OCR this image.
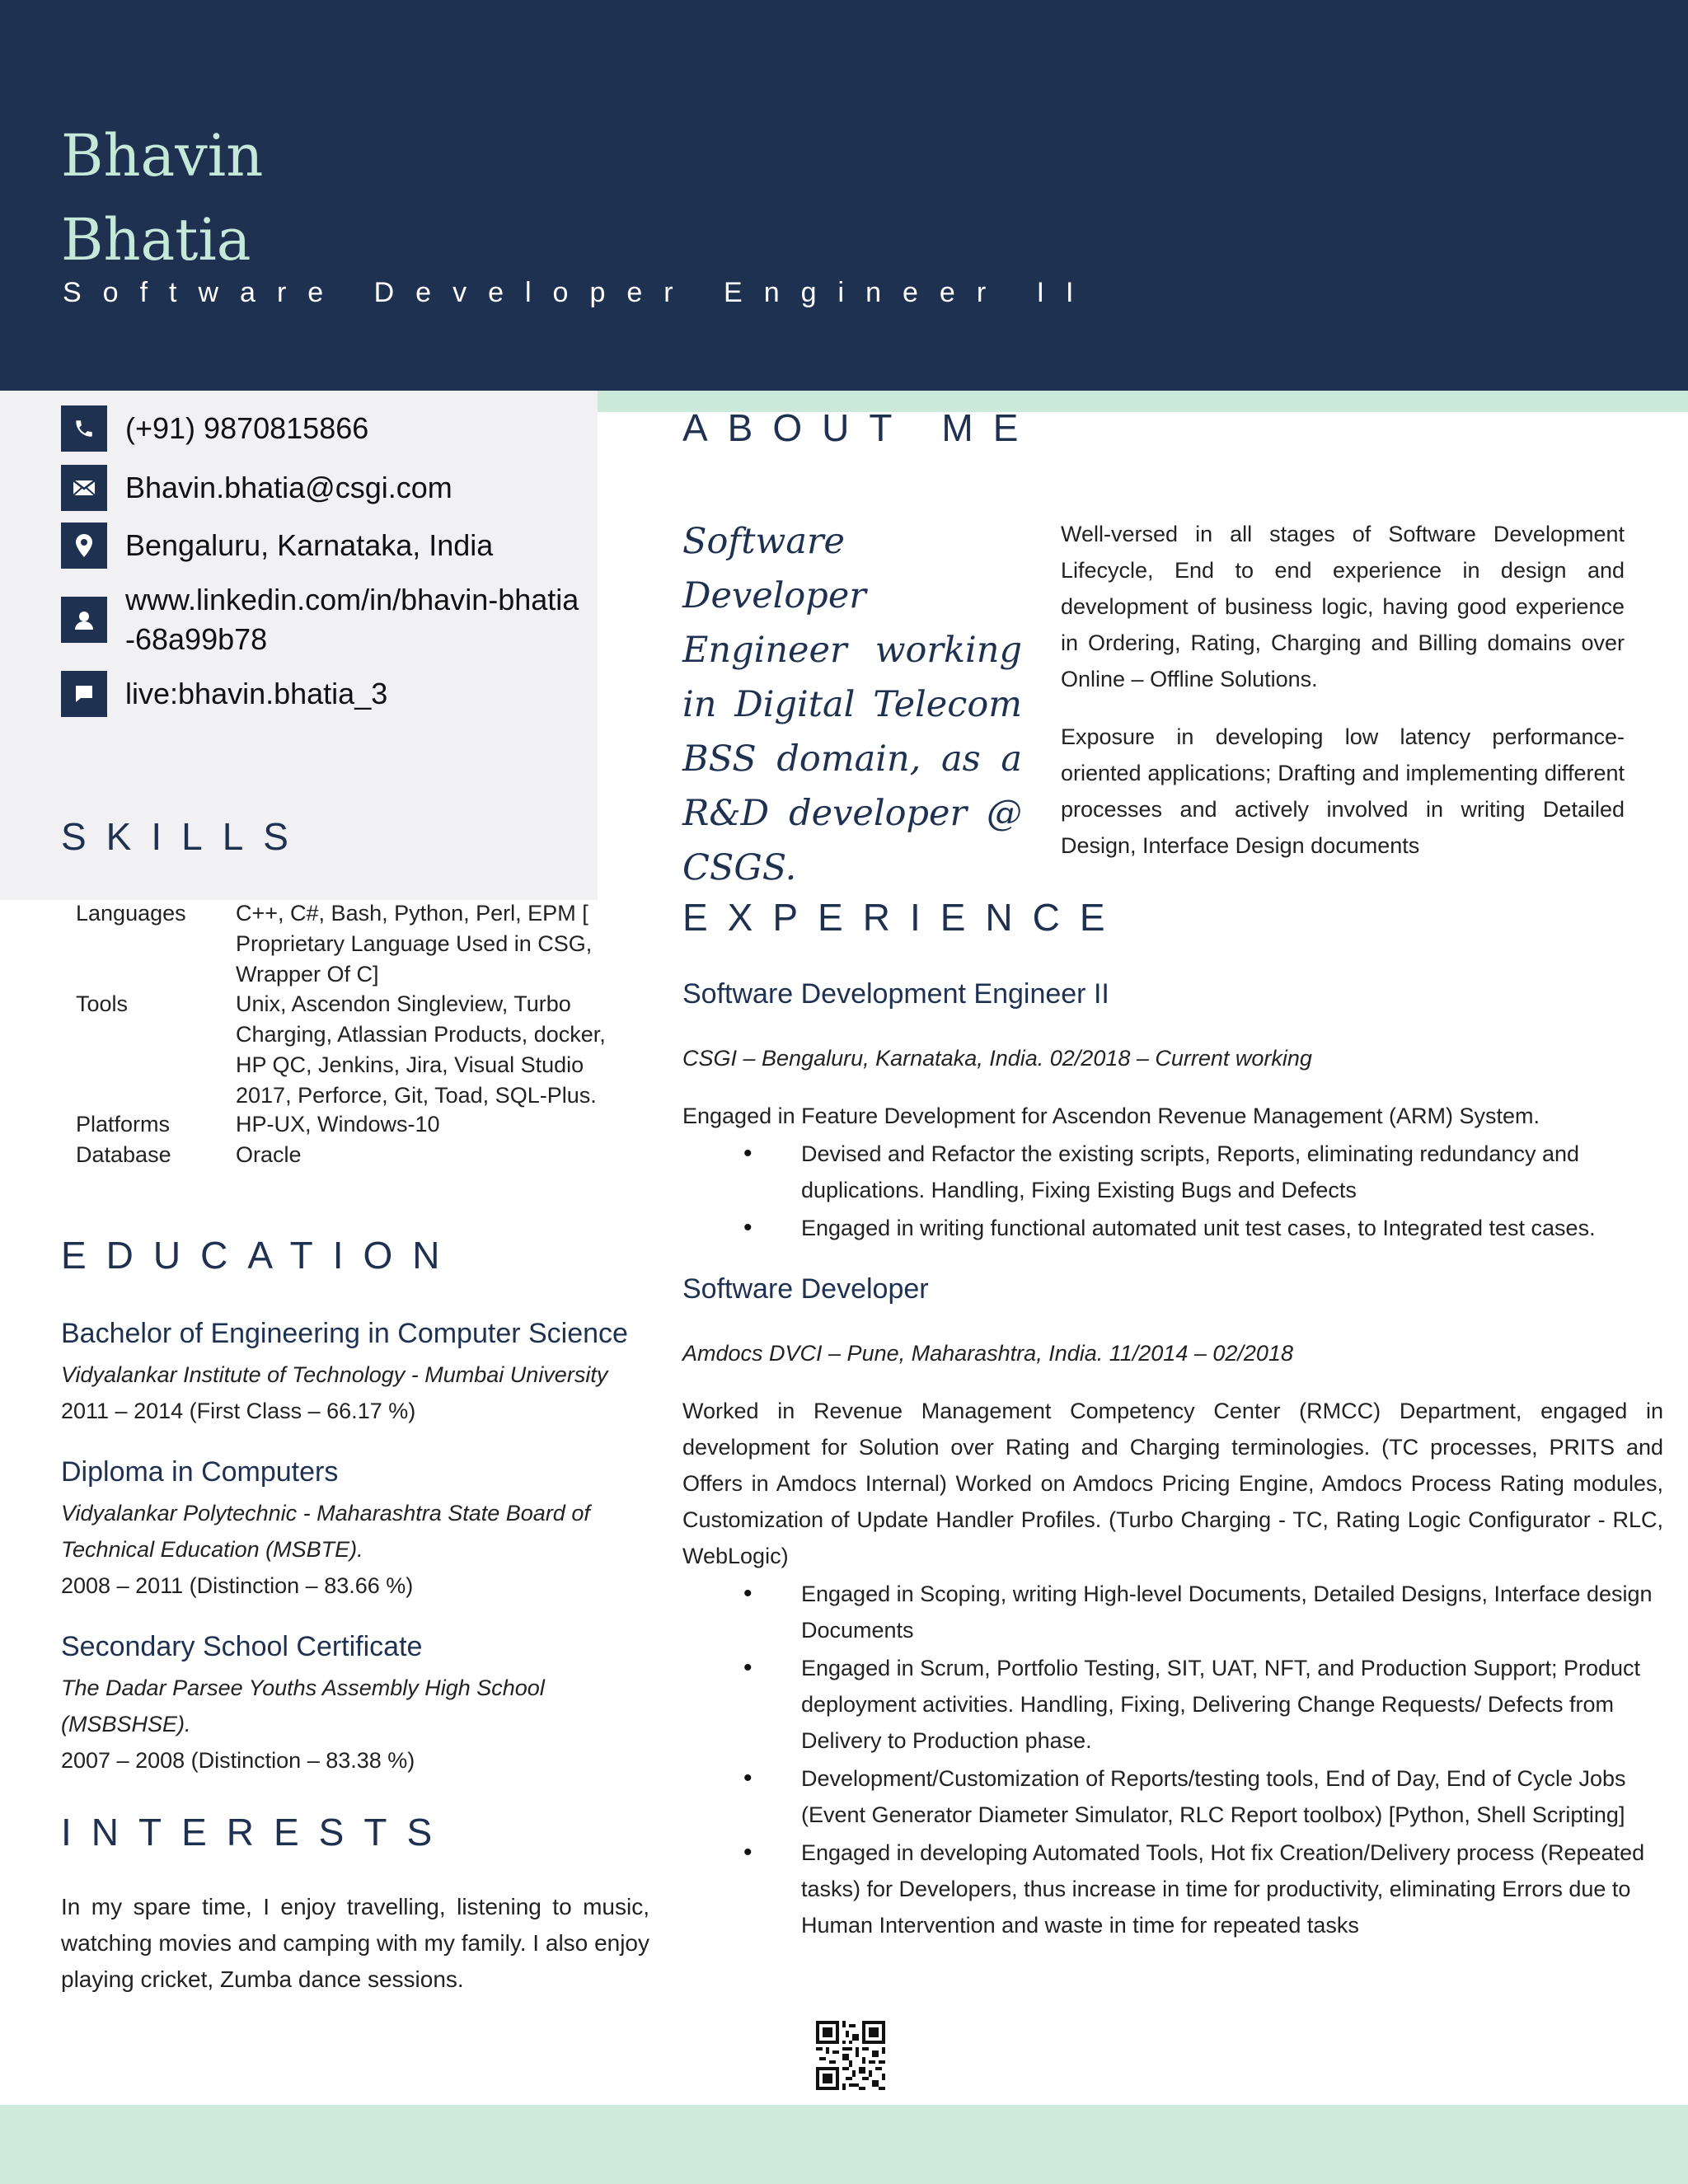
Bhavin
Bhatia
Software Developer Engineer II
(+91) 9870815866
Bhavin.bhatia@csgi.com
Bengaluru, Karnataka, India
www.linkedin.com/in/bhavin-bhatia-68a99b78
live:bhavin.bhatia_3
SKILLS
Languages C++, C#, Bash, Python, Perl, EPM [ Proprietary Language Used in CSG, Wrapper Of C]
Tools	Unix, Ascendon Singleview, Turbo Charging, Atlassian Products, docker, HP QC, Jenkins, Jira, Visual Studio 2017, Perforce, Git, Toad, SQL-Plus.
Platforms	HP-UX, Windows-10
Database	Oracle
EDUCATION
Bachelor of Engineering in Computer Science
Vidyalankar Institute of Technology - Mumbai University
2011 – 2014 (First Class – 66.17 %)
Diploma in Computers
Vidyalankar Polytechnic - Maharashtra State Board of Technical Education (MSBTE).
2008 – 2011 (Distinction – 83.66 %)
Secondary School Certificate
The Dadar Parsee Youths Assembly High School (MSBSHSE).
2007 – 2008 (Distinction – 83.38 %)
INTERESTS
In my spare time, I enjoy travelling, listening to music, watching movies and camping with my family. I also enjoy playing cricket, Zumba dance sessions.
ABOUT ME
Software Developer Engineer working in Digital Telecom BSS domain, as a R&D developer @ CSGS.

Well-versed in all stages of Software Development Lifecycle, End to end experience in design and development of business logic, having good experience in Ordering, Rating, Charging and Billing domains over Online – Offline Solutions.

Exposure in developing low latency performance-oriented applications; Drafting and implementing different processes and actively involved in writing Detailed Design, Interface Design documents

EXPERIENCE
Software Development Engineer II
CSGI – Bengaluru, Karnataka, India. 02/2018 – Current working
Engaged in Feature Development for Ascendon Revenue Management (ARM) System.
• Devised and Refactor the existing scripts, Reports, eliminating redundancy and duplications. Handling, Fixing Existing Bugs and Defects
• Engaged in writing functional automated unit test cases, to Integrated test cases.
Software Developer
Amdocs DVCI – Pune, Maharashtra, India. 11/2014 – 02/2018
Worked in Revenue Management Competency Center (RMCC) Department, engaged in development for Solution over Rating and Charging terminologies. (TC processes, PRITS and Offers in Amdocs Internal) Worked on Amdocs Pricing Engine, Amdocs Process Rating modules, Customization of Update Handler Profiles. (Turbo Charging - TC, Rating Logic Configurator - RLC, WebLogic)
• Engaged in Scoping, writing High-level Documents, Detailed Designs, Interface design Documents
• Engaged in Scrum, Portfolio Testing, SIT, UAT, NFT, and Production Support; Product deployment activities. Handling, Fixing, Delivering Change Requests/ Defects from Delivery to Production phase.
• Development/Customization of Reports/testing tools, End of Day, End of Cycle Jobs (Event Generator Diameter Simulator, RLC Report toolbox) [Python, Shell Scripting]
• Engaged in developing Automated Tools, Hot fix Creation/Delivery process (Repeated tasks) for Developers, thus increase in time for productivity, eliminating Errors due to Human Intervention and waste in time for repeated tasks
